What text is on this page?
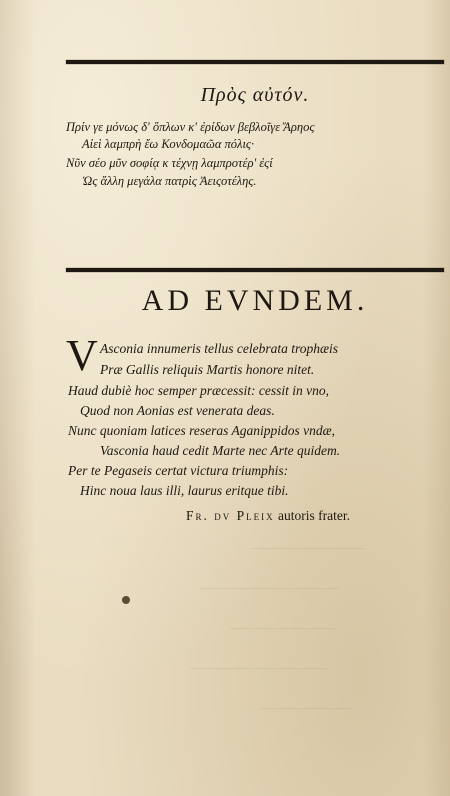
Πρὸς αὐτόν.
Πρίν γε μόνως δ' ὅπλων κ' ἐρίδων βεβλοῖγε Ἄρηος
Αἰεὶ λαμπρὴ ἔω Κονδομαῶα πόλις·
Νῦν σέο μῦν σοφίᾳ κ τέχνῃ λαμπροτέρ' ἐςί
Ὡς ἄλλη μεγάλα πατρὶς Ἀειςοτέλης.
AD EVNDEM.
V Asconia innumeris tellus celebrata trophæis
Præ Gallis reliquis Martis honore nitet.
Haud dubiè hoc semper præcessit: cessit in vno,
Quod non Aonias est venerata deas.
Nunc quoniam latices reseras Aganippidos vndæ,
Vasconia haud cedit Marte nec Arte quidem.
Per te Pegaseis certat victura triumphis:
Hinc noua laus illi, laurus eritque tibi.
Fr. dv Pleix autoris frater.
——————————
————————————
—————————
————————————
————————
